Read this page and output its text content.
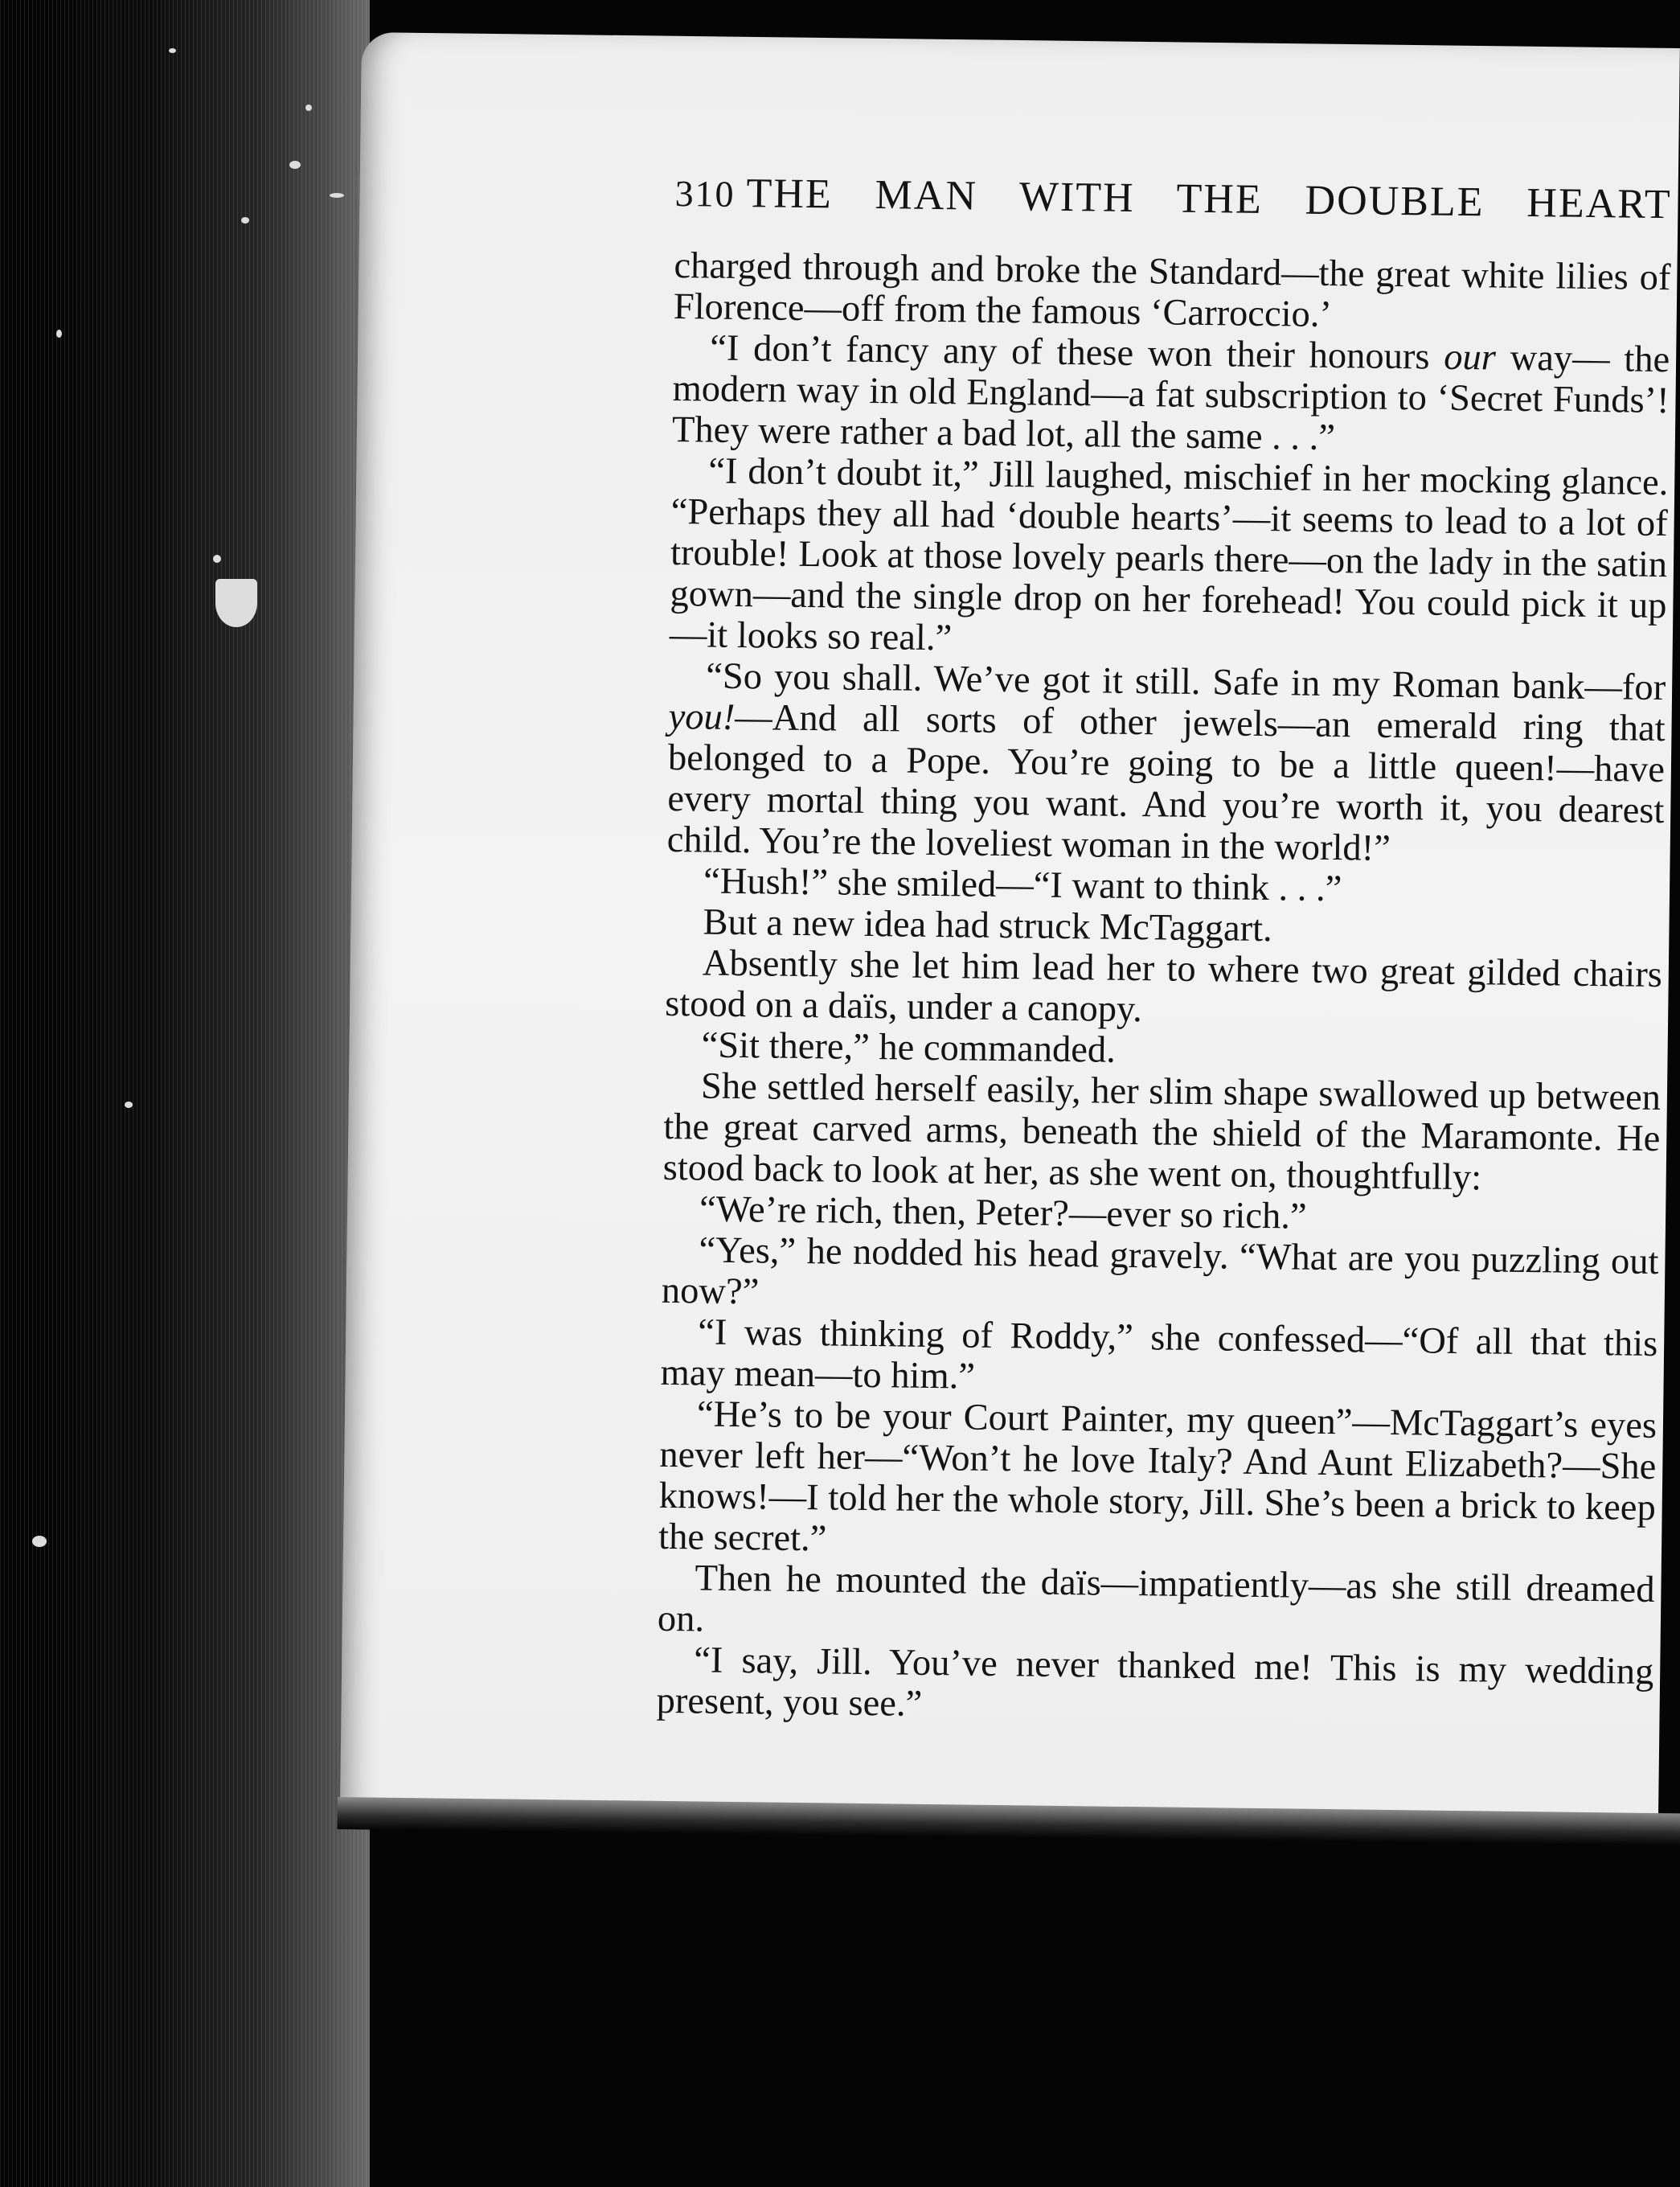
310 THE MAN WITH THE DOUBLE HEART

charged through and broke the Standard—the great white lilies of Florence—off from the famous ‘Carroccio.’

“I don’t fancy any of these won their honours our way— the modern way in old England—a fat subscription to ‘Secret Funds’! They were rather a bad lot, all the same . . .”

“I don’t doubt it,” Jill laughed, mischief in her mocking glance. “Perhaps they all had ‘double hearts’—it seems to lead to a lot of trouble! Look at those lovely pearls there—on the lady in the satin gown—and the single drop on her forehead! You could pick it up—it looks so real.”

“So you shall. We’ve got it still. Safe in my Roman bank—for you!—And all sorts of other jewels—an emerald ring that belonged to a Pope. You’re going to be a little queen!—have every mortal thing you want. And you’re worth it, you dearest child. You’re the loveliest woman in the world!”

“Hush!” she smiled—“I want to think . . .”

But a new idea had struck McTaggart.

Absently she let him lead her to where two great gilded chairs stood on a daïs, under a canopy.

“Sit there,” he commanded.

She settled herself easily, her slim shape swallowed up between the great carved arms, beneath the shield of the Maramonte. He stood back to look at her, as she went on, thoughtfully:

“We’re rich, then, Peter?—ever so rich.”

“Yes,” he nodded his head gravely. “What are you puzzling out now?”

“I was thinking of Roddy,” she confessed—“Of all that this may mean—to him.”

“He’s to be your Court Painter, my queen”—McTaggart’s eyes never left her—“Won’t he love Italy? And Aunt Elizabeth?—She knows!—I told her the whole story, Jill. She’s been a brick to keep the secret.”

Then he mounted the daïs—impatiently—as she still dreamed on.

“I say, Jill. You’ve never thanked me! This is my wedding present, you see.”
